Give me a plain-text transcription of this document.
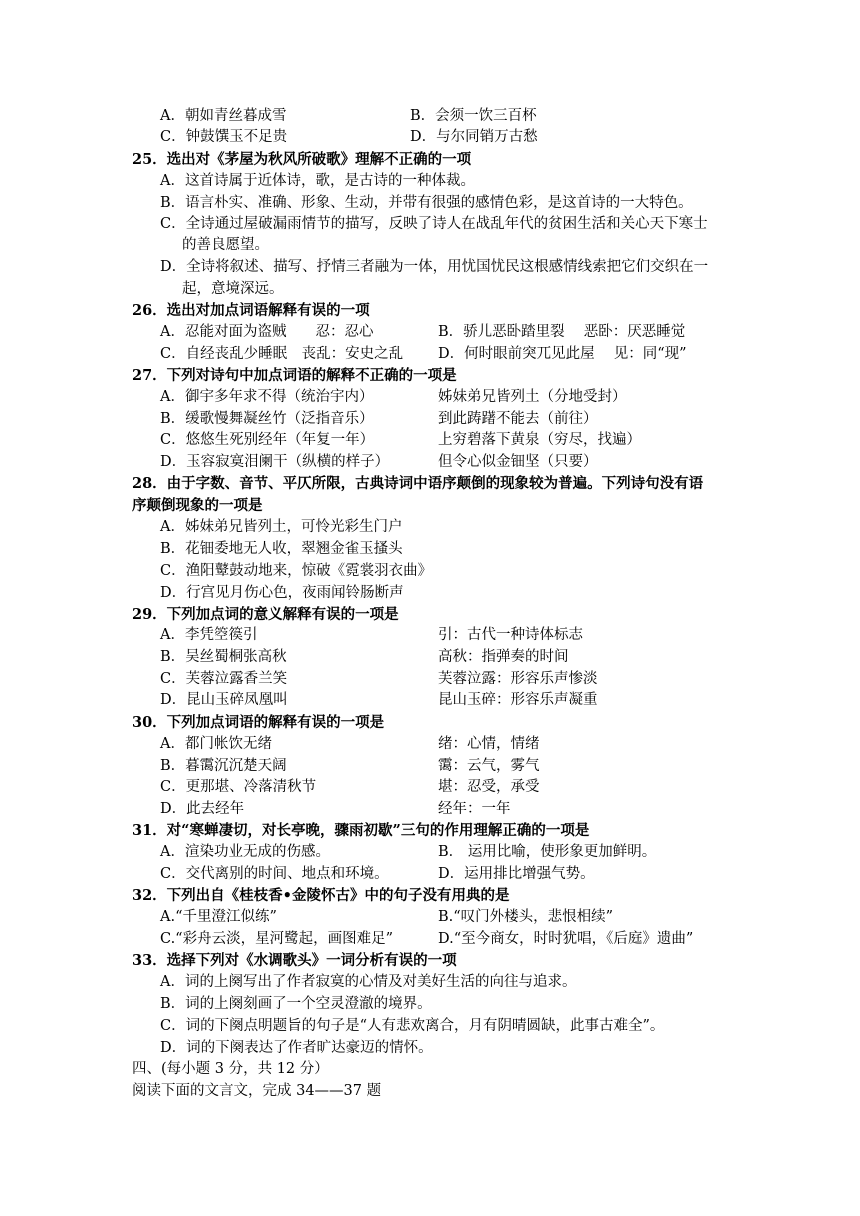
A．朝如青丝暮成雪	B．会须一饮三百杯
C．钟鼓馔玉不足贵	D．与尔同销万古愁
25．选出对《茅屋为秋风所破歌》理解不正确的一项
A．这首诗属于近体诗，歌，是古诗的一种体裁。
B．语言朴实、准确、形象、生动，并带有很强的感情色彩，是这首诗的一大特色。
C．全诗通过屋破漏雨情节的描写，反映了诗人在战乱年代的贫困生活和关心天下寒士
的善良愿望。
D．全诗将叙述、描写、抒情三者融为一体，用忧国忧民这根感情线索把它们交织在一
起，意境深远。
26．选出对加点词语解释有误的一项
A．忍能对面为盗贼　　忍：忍心	B．骄儿恶卧踏里裂　 恶卧：厌恶睡觉
C．自经丧乱少睡眠　丧乱：安史之乱 D．何时眼前突兀见此屋　 见：同“现”
27．下列对诗句中加点词语的解释不正确的一项是
A．御宇多年求不得（统治宇内）	姊妹弟兄皆列土（分地受封）
B．缓歌慢舞凝丝竹（泛指音乐）	到此踌躇不能去（前往）
C．悠悠生死别经年（年复一年）	上穷碧落下黄泉（穷尽，找遍）
D．玉容寂寞泪阑干（纵横的样子）	但令心似金钿坚（只要）
28．由于字数、音节、平仄所限，古典诗词中语序颠倒的现象较为普遍。下列诗句没有语
序颠倒现象的一项是
A．姊妹弟兄皆列土，可怜光彩生门户
B．花钿委地无人收，翠翘金雀玉搔头
C．渔阳鼙鼓动地来，惊破《霓裳羽衣曲》
D．行宫见月伤心色，夜雨闻铃肠断声
29．下列加点词的意义解释有误的一项是
A．李凭箜篌引	引：古代一种诗体标志
B．吴丝蜀桐张高秋	高秋：指弹奏的时间
C．芙蓉泣露香兰笑	芙蓉泣露：形容乐声惨淡
D．昆山玉碎凤凰叫	昆山玉碎：形容乐声凝重
30．下列加点词语的解释有误的一项是
A．都门帐饮无绪	绪：心情，情绪
B．暮霭沉沉楚天阔	霭：云气，雾气
C．更那堪、冷落清秋节	堪：忍受，承受
D．此去经年	经年：一年
31．对“寒蝉凄切，对长亭晚，骤雨初歇”三句的作用理解正确的一项是
A．渲染功业无成的伤感。	B． 运用比喻，使形象更加鲜明。
C．交代离别的时间、地点和环境。	D．运用排比增强气势。
32．下列出自《桂枝香•金陵怀古》中的句子没有用典的是
A.“千里澄江似练”	B.“叹门外楼头，悲恨相续”
C.“彩舟云淡，星河鹭起，画图难足”	D.“至今商女，时时犹唱，《后庭》遗曲”
33．选择下列对《水调歌头》一词分析有误的一项
A．词的上阕写出了作者寂寞的心情及对美好生活的向往与追求。
B．词的上阕刻画了一个空灵澄澈的境界。
C．词的下阕点明题旨的句子是“人有悲欢离合，月有阴晴圆缺，此事古难全”。
D．词的下阕表达了作者旷达豪迈的情怀。
四、(每小题 3 分，共 12 分）
阅读下面的文言文，完成 34——37 题
